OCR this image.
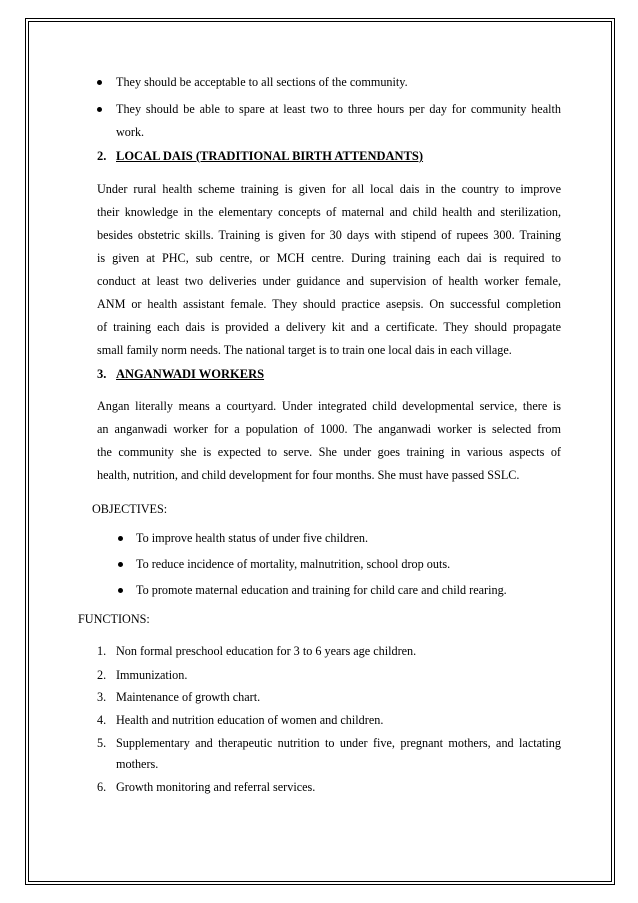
They should be acceptable to all sections of the community.
They should be able to spare at least two to three hours per day for community health
work.
2. LOCAL DAIS (TRADITIONAL BIRTH ATTENDANTS)
Under rural health scheme training is given for all local dais in the country to improve
their knowledge in the elementary concepts of maternal and child health and sterilization,
besides obstetric skills. Training is given for 30 days with stipend of rupees 300. Training
is given at PHC, sub centre, or MCH centre. During training each dai is required to
conduct at least two deliveries under guidance and supervision of health worker female,
ANM or health assistant female. They should practice asepsis. On successful completion
of training each dais is provided a delivery kit and a certificate. They should propagate
small family norm needs. The national target is to train one local dais in each village.
3. ANGANWADI WORKERS
Angan literally means a courtyard. Under integrated child developmental service, there is
an anganwadi worker for a population of 1000. The anganwadi worker is selected from
the community she is expected to serve. She under goes training in various aspects of
health, nutrition, and child development for four months. She must have passed SSLC.
OBJECTIVES:
To improve health status of under five children.
To reduce incidence of mortality, malnutrition, school drop outs.
To promote maternal education and training for child care and child rearing.
FUNCTIONS:
1. Non formal preschool education for 3 to 6 years age children.
2. Immunization.
3. Maintenance of growth chart.
4. Health and nutrition education of women and children.
5. Supplementary and therapeutic nutrition to under five, pregnant mothers, and lactating
mothers.
6. Growth monitoring and referral services.
